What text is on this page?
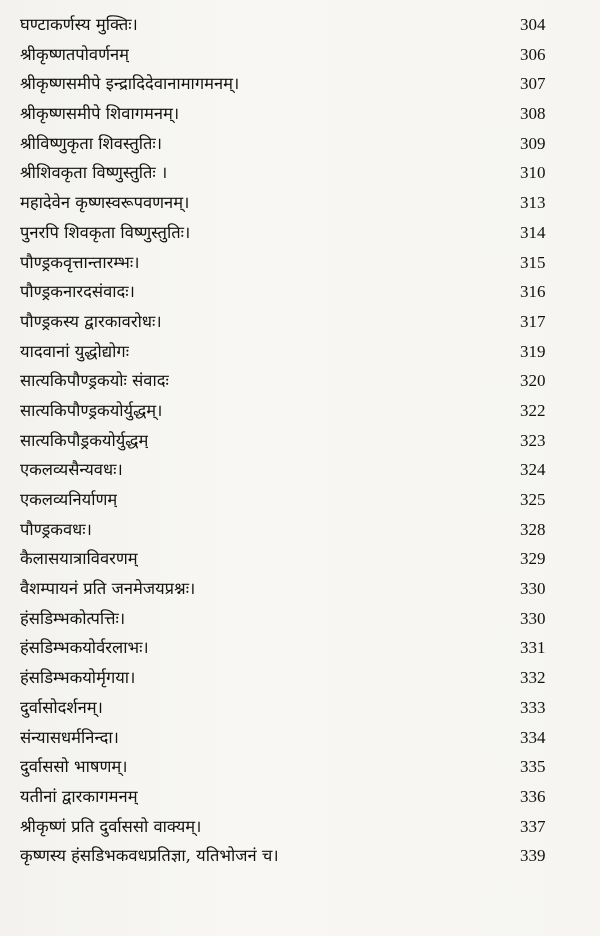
घण्टाकर्णस्य मुक्तिः।	304
श्रीकृष्णतपोवर्णनम्	306
श्रीकृष्णसमीपे इन्द्रादिदेवानामागमनम्।	307
श्रीकृष्णसमीपे शिवागमनम्।	308
श्रीविष्णुकृता शिवस्तुतिः।	309
श्रीशिवकृता विष्णुस्तुतिः ।	310
महादेवेन कृष्णस्वरूपवणनम्।	313
पुनरपि शिवकृता विष्णुस्तुतिः।	314
पौण्ड्रकवृत्तान्तारम्भः।	315
पौण्ड्रकनारदसंवादः।	316
पौण्ड्रकस्य द्वारकावरोधः।	317
यादवानां युद्धोद्योगः	319
सात्यकिपौण्ड्रकयोः संवादः	320
सात्यकिपौण्ड्रकयोर्युद्धम्।	322
सात्यकिपौड्रकयोर्युद्धम्	323
एकलव्यसैन्यवधः।	324
एकलव्यनिर्याणम्	325
पौण्ड्रकवधः।	328
कैलासयात्राविवरणम्	329
वैशम्पायनं प्रति जनमेजयप्रश्नः।	330
हंसडिम्भकोत्पत्तिः।	330
हंसडिम्भकयोर्वरलाभः।	331
हंसडिम्भकयोर्मृगया।	332
दुर्वासोदर्शनम्।	333
संन्यासधर्मनिन्दा।	334
दुर्वाससो भाषणम्।	335
यतीनां द्वारकागमनम्	336
श्रीकृष्णं प्रति दुर्वाससो वाक्यम्।	337
कृष्णस्य हंसडिभकवधप्रतिज्ञा, यतिभोजनं च।	339
